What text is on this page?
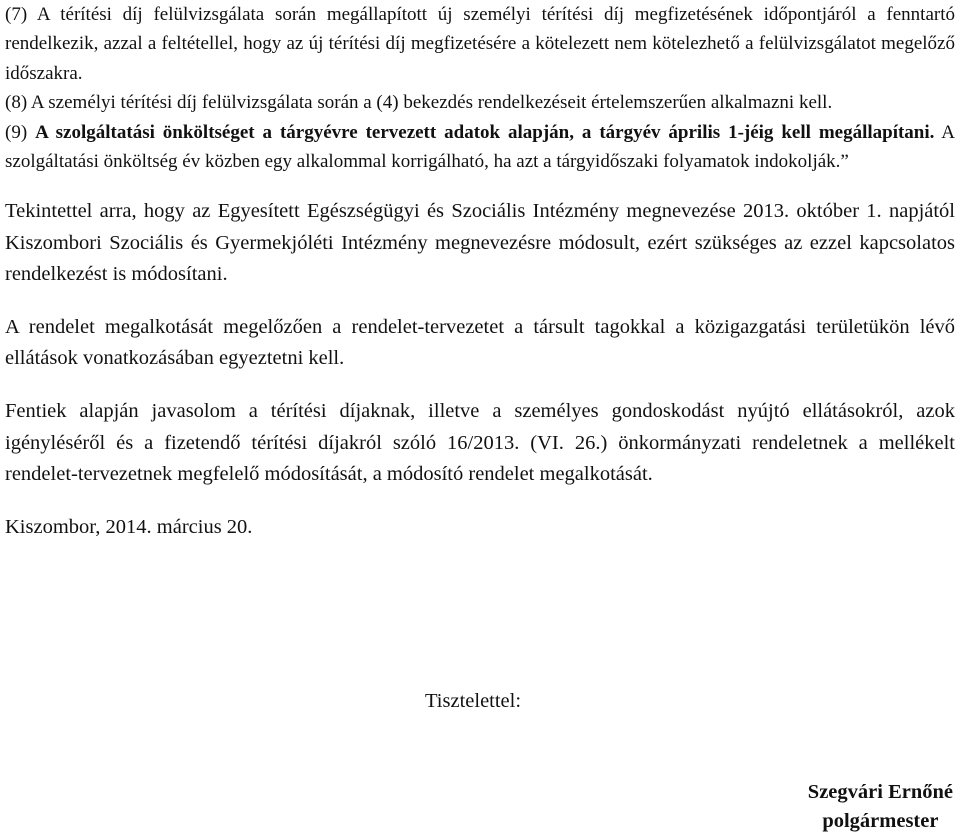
(7) A térítési díj felülvizsgálata során megállapított új személyi térítési díj megfizetésének időpontjáról a fenntartó rendelkezik, azzal a feltétellel, hogy az új térítési díj megfizetésére a kötelezett nem kötelezhető a felülvizsgálatot megelőző időszakra.

(8) A személyi térítési díj felülvizsgálata során a (4) bekezdés rendelkezéseit értelemszerűen alkalmazni kell.

(9) A szolgáltatási önköltséget a tárgyévre tervezett adatok alapján, a tárgyév április 1-jéig kell megállapítani. A szolgáltatási önköltség év közben egy alkalommal korrigálható, ha azt a tárgyidőszaki folyamatok indokolják.”

Tekintettel arra, hogy az Egyesített Egészségügyi és Szociális Intézmény megnevezése 2013. október 1. napjától Kiszombori Szociális és Gyermekjóléti Intézmény megnevezésre módosult, ezért szükséges az ezzel kapcsolatos rendelkezést is módosítani.

A rendelet megalkotását megelőzően a rendelet-tervezetet a társult tagokkal a közigazgatási területükön lévő ellátások vonatkozásában egyeztetni kell.

Fentiek alapján javasolom a térítési díjaknak, illetve a személyes gondoskodást nyújtó ellátásokról, azok igényléséről és a fizetendő térítési díjakról szóló 16/2013. (VI. 26.) önkormányzati rendeletnek a mellékelt rendelet-tervezetnek megfelelő módosítását, a módosító rendelet megalkotását.

Kiszombor, 2014. március 20.

Tisztelettel:
Szegvári Ernőné
polgármester
